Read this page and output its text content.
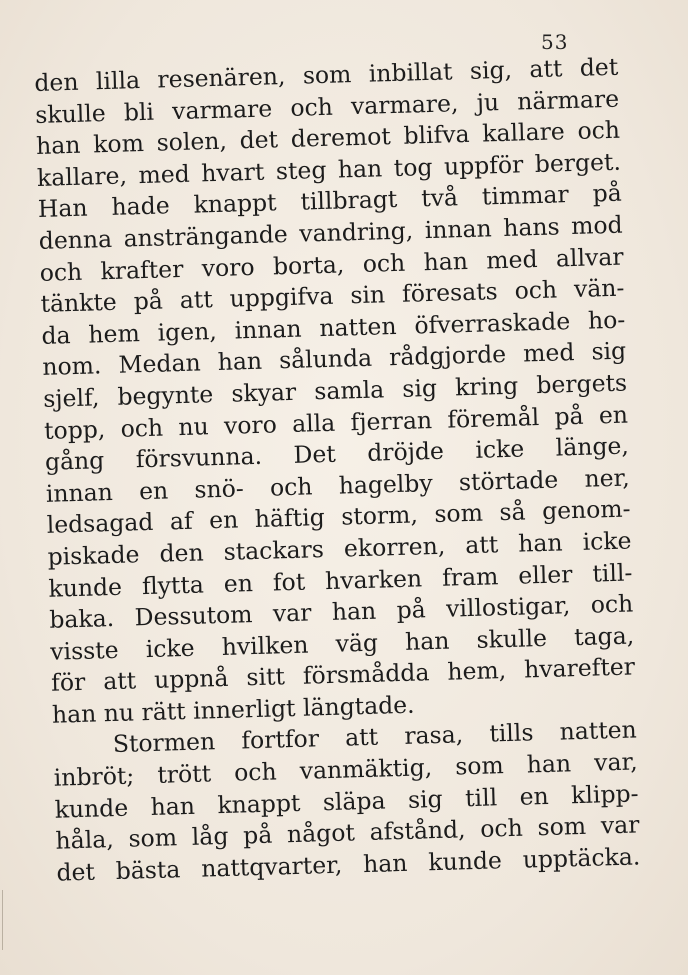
53
den lilla resenären, som inbillat sig, att det
skulle bli varmare och varmare, ju närmare
han kom solen, det deremot blifva kallare och
kallare, med hvart steg han tog uppför berget.
Han hade knappt tillbragt två timmar på
denna ansträngande vandring, innan hans mod
och krafter voro borta, och han med allvar
tänkte på att uppgifva sin föresats och vän-
da hem igen, innan natten öfverraskade ho-
nom. Medan han sålunda rådgjorde med sig
sjelf, begynte skyar samla sig kring bergets
topp, och nu voro alla fjerran föremål på en
gång försvunna. Det dröjde icke länge,
innan en snö- och hagelby störtade ner,
ledsagad af en häftig storm, som så genom-
piskade den stackars ekorren, att han icke
kunde flytta en fot hvarken fram eller till-
baka. Dessutom var han på villostigar, och
visste icke hvilken väg han skulle taga,
för att uppnå sitt försmådda hem, hvarefter
han nu rätt innerligt längtade.
Stormen fortfor att rasa, tills natten
inbröt; trött och vanmäktig, som han var,
kunde han knappt släpa sig till en klipp-
håla, som låg på något afstånd, och som var
det bästa nattqvarter, han kunde upptäcka.
